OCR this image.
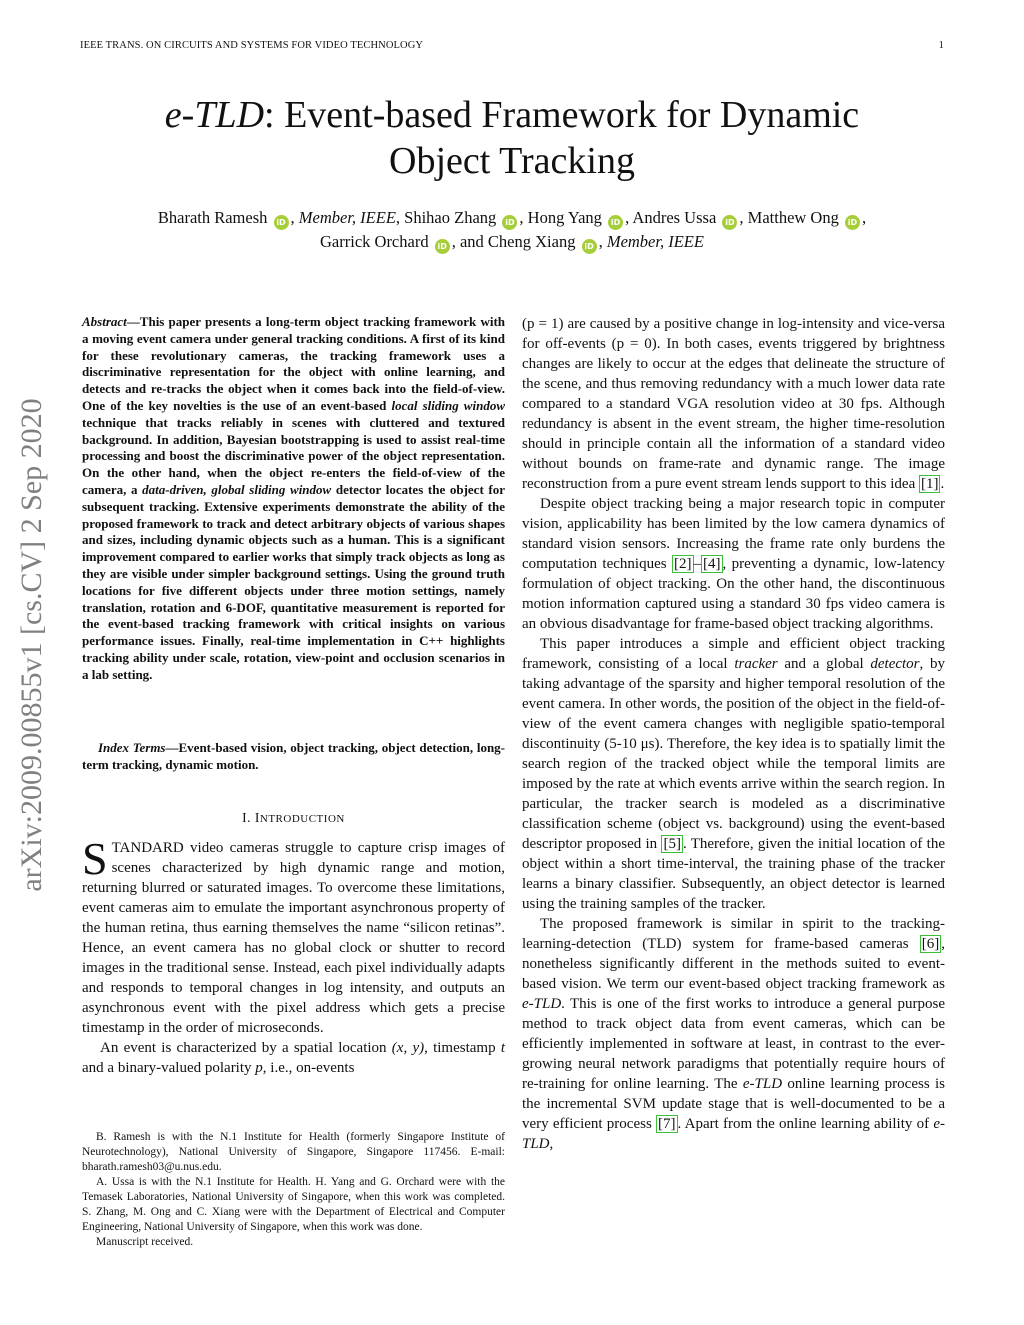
IEEE TRANS. ON CIRCUITS AND SYSTEMS FOR VIDEO TECHNOLOGY	1
e-TLD: Event-based Framework for Dynamic
Object Tracking
Bharath Ramesh iD , Member, IEEE, Shihao Zhang iD , Hong Yang iD , Andres Ussa iD , Matthew Ong iD ,
Garrick Orchard iD , and Cheng Xiang iD , Member, IEEE
arXiv:2009.00855v1 [cs.CV] 2 Sep 2020
Abstract—This paper presents a long-term object tracking framework with a moving event camera under general tracking conditions. A first of its kind for these revolutionary cameras, the tracking framework uses a discriminative representation for the object with online learning, and detects and re-tracks the object when it comes back into the field-of-view. One of the key novelties is the use of an event-based local sliding window technique that tracks reliably in scenes with cluttered and textured background. In addition, Bayesian bootstrapping is used to assist real-time processing and boost the discriminative power of the object representation. On the other hand, when the object re-enters the field-of-view of the camera, a data-driven, global sliding window detector locates the object for subsequent tracking. Extensive experiments demonstrate the ability of the proposed framework to track and detect arbitrary objects of various shapes and sizes, including dynamic objects such as a human. This is a significant improvement compared to earlier works that simply track objects as long as they are visible under simpler background settings. Using the ground truth locations for five different objects under three motion settings, namely translation, rotation and 6-DOF, quantitative measurement is reported for the event-based tracking framework with critical insights on various performance issues. Finally, real-time implementation in C++ highlights tracking ability under scale, rotation, view-point and occlusion scenarios in a lab setting.
Index Terms—Event-based vision, object tracking, object detection, long-term tracking, dynamic motion.
I. INTRODUCTION

STANDARD video cameras struggle to capture crisp images of scenes characterized by high dynamic range and motion, returning blurred or saturated images. To overcome these limitations, event cameras aim to emulate the important asynchronous property of the human retina, thus earning themselves the name “silicon retinas”. Hence, an event camera has no global clock or shutter to record images in the traditional sense. Instead, each pixel individually adapts and responds to temporal changes in log intensity, and outputs an asynchronous event with the pixel address which gets a precise timestamp in the order of microseconds.

An event is characterized by a spatial location (x, y), timestamp t and a binary-valued polarity p, i.e., on-events

B. Ramesh is with the N.1 Institute for Health (formerly Singapore Institute of Neurotechnology), National University of Singapore, Singapore 117456. E-mail: bharath.ramesh03@u.nus.edu.

A. Ussa is with the N.1 Institute for Health. H. Yang and G. Orchard were with the Temasek Laboratories, National University of Singapore, when this work was completed. S. Zhang, M. Ong and C. Xiang were with the Department of Electrical and Computer Engineering, National University of Singapore, when this work was done.

Manuscript received.

(p = 1) are caused by a positive change in log-intensity and vice-versa for off-events (p = 0). In both cases, events triggered by brightness changes are likely to occur at the edges that delineate the structure of the scene, and thus removing redundancy with a much lower data rate compared to a standard VGA resolution video at 30 fps. Although redundancy is absent in the event stream, the higher time-resolution should in principle contain all the information of a standard video without bounds on frame-rate and dynamic range. The image reconstruction from a pure event stream lends support to this idea [1] .

Despite object tracking being a major research topic in computer vision, applicability has been limited by the low camera dynamics of standard vision sensors. Increasing the frame rate only burdens the computation techniques [2] – [4] , preventing a dynamic, low-latency formulation of object tracking. On the other hand, the discontinuous motion information captured using a standard 30 fps video camera is an obvious disadvantage for frame-based object tracking algorithms.

This paper introduces a simple and efficient object tracking framework, consisting of a local tracker and a global detector, by taking advantage of the sparsity and higher temporal resolution of the event camera. In other words, the position of the object in the field-of-view of the event camera changes with negligible spatio-temporal discontinuity (5-10 μs). Therefore, the key idea is to spatially limit the search region of the tracked object while the temporal limits are imposed by the rate at which events arrive within the search region. In particular, the tracker search is modeled as a discriminative classification scheme (object vs. background) using the event-based descriptor proposed in [5] . Therefore, given the initial location of the object within a short time-interval, the training phase of the tracker learns a binary classifier. Subsequently, an object detector is learned using the training samples of the tracker.

The proposed framework is similar in spirit to the tracking-learning-detection (TLD) system for frame-based cameras [6] , nonetheless significantly different in the methods suited to event-based vision. We term our event-based object tracking framework as e-TLD. This is one of the first works to introduce a general purpose method to track object data from event cameras, which can be efficiently implemented in software at least, in contrast to the ever-growing neural network paradigms that potentially require hours of re-training for online learning. The e-TLD online learning process is the incremental SVM update stage that is well-documented to be a very efficient process [7] . Apart from the online learning ability of e-TLD,
